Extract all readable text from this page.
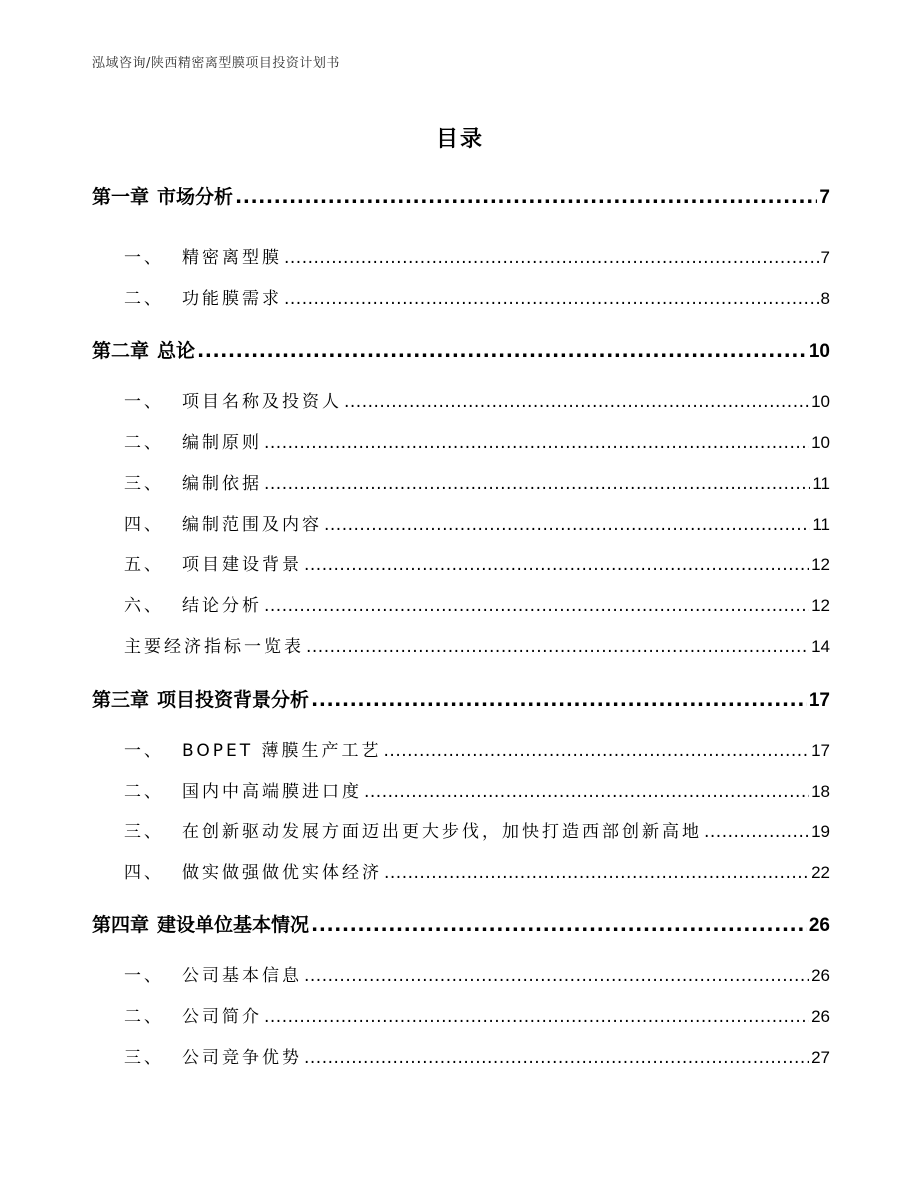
泓域咨询/陕西精密离型膜项目投资计划书
目录
第一章 市场分析 .....	7
一、 精密离型膜 .....	7
二、 功能膜需求 .....	8
第二章 总论 .....	10
一、 项目名称及投资人 .....	10
二、 编制原则 .....	10
三、 编制依据 .....	11
四、 编制范围及内容 .....	11
五、 项目建设背景 .....	12
六、 结论分析 .....	12
主要经济指标一览表 .....	14
第三章 项目投资背景分析 .....	17
一、 BOPET 薄膜生产工艺 .....	17
二、 国内中高端膜进口度 .....	18
三、 在创新驱动发展方面迈出更大步伐，加快打造西部创新高地 .....	19
四、 做实做强做优实体经济 .....	22
第四章 建设单位基本情况 .....	26
一、 公司基本信息 .....	26
二、 公司简介 .....	26
三、 公司竞争优势 .....	27
